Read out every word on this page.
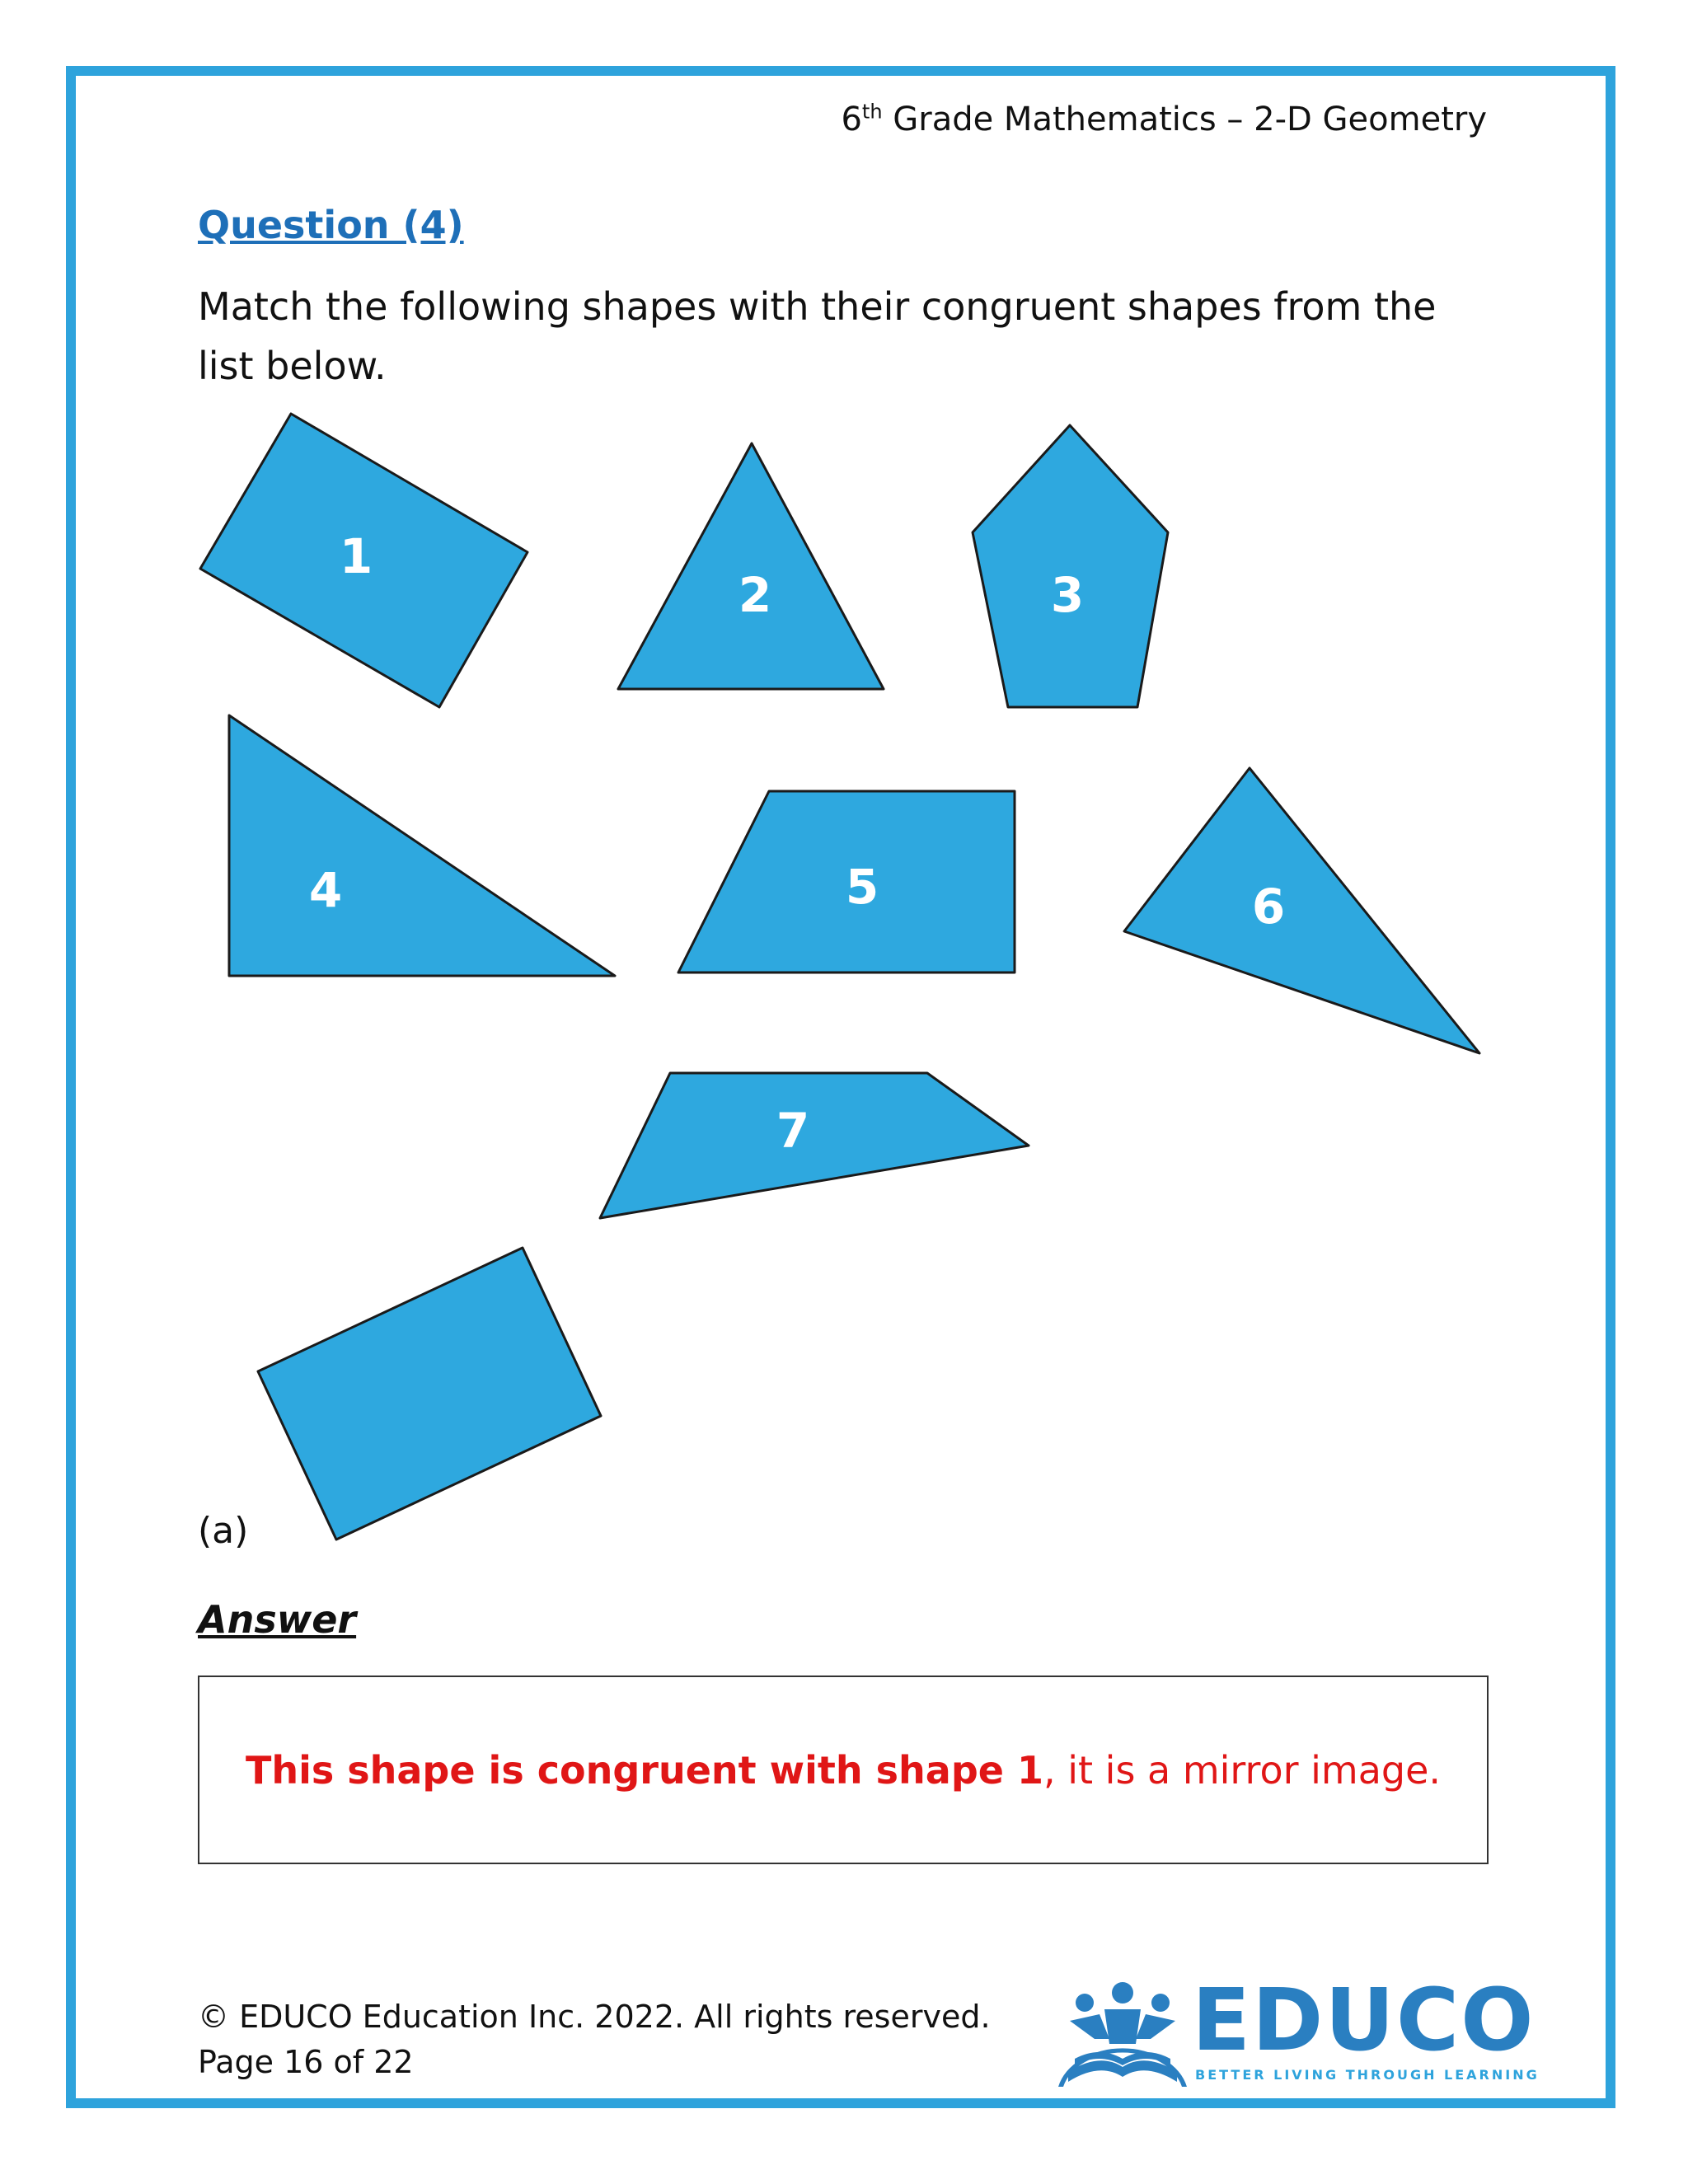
6th Grade Mathematics – 2-D Geometry
Question (4)
Match the following shapes with their congruent shapes from the list below.
1
2	3
4	5	6
7
(a)
Answer
This shape is congruent with shape 1, it is a mirror image.
© EDUCO Education Inc. 2022. All rights reserved.
Page 16 of 22	EDUCO
BETTER LIVING THROUGH LEARNING
